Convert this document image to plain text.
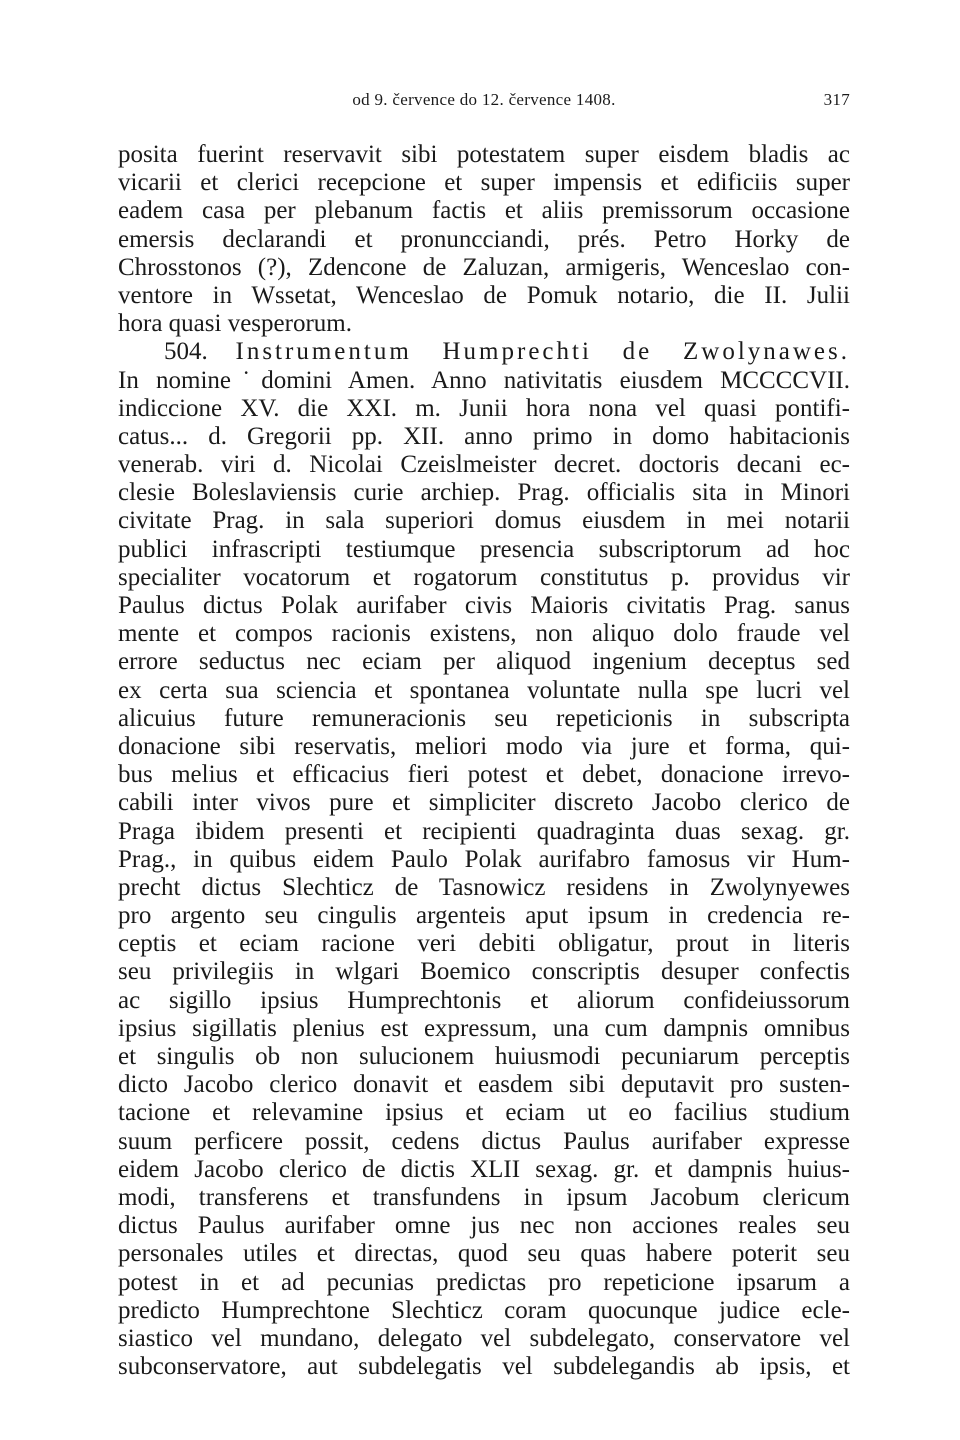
od 9. července do 12. července 1408.	317
posita fuerint reservavit sibi potestatem super eisdem bladis ac
vicarii et clerici recepcione et super impensis et edificiis super
eadem casa per plebanum factis et aliis premissorum occasione
emersis declarandi et pronuncciandi, prés. Petro Horky de
Chrosstonos (?), Zdencone de Zaluzan, armigeris, Wenceslao con-
ventore in Wssetat, Wenceslao de Pomuk notario, die II. Julii
hora quasi vesperorum.
504. Instrumentum Humprechti de Zwolynawes.
In nomine˙domini Amen. Anno nativitatis eiusdem MCCCCVII.
indiccione XV. die XXI. m. Junii hora nona vel quasi pontifi-
catus... d. Gregorii pp. XII. anno primo in domo habitacionis
venerab. viri d. Nicolai Czeislmeister decret. doctoris decani ec-
clesie Boleslaviensis curie archiep. Prag. officialis sita in Minori
civitate Prag. in sala superiori domus eiusdem in mei notarii
publici infrascripti testiumque presencia subscriptorum ad hoc
specialiter vocatorum et rogatorum constitutus p. providus vir
Paulus dictus Polak aurifaber civis Maioris civitatis Prag. sanus
mente et compos racionis existens, non aliquo dolo fraude vel
errore seductus nec eciam per aliquod ingenium deceptus sed
ex certa sua sciencia et spontanea voluntate nulla spe lucri vel
alicuius future remuneracionis seu repeticionis in subscripta
donacione sibi reservatis, meliori modo via jure et forma, qui-
bus melius et efficacius fieri potest et debet, donacione irrevo-
cabili inter vivos pure et simpliciter discreto Jacobo clerico de
Praga ibidem presenti et recipienti quadraginta duas sexag. gr.
Prag., in quibus eidem Paulo Polak aurifabro famosus vir Hum-
precht dictus Slechticz de Tasnowicz residens in Zwolynyewes
pro argento seu cingulis argenteis aput ipsum in credencia re-
ceptis et eciam racione veri debiti obligatur, prout in literis
seu privilegiis in wlgari Boemico conscriptis desuper confectis
ac sigillo ipsius Humprechtonis et aliorum confideiussorum
ipsius sigillatis plenius est expressum, una cum dampnis omnibus
et singulis ob non sulucionem huiusmodi pecuniarum perceptis
dicto Jacobo clerico donavit et easdem sibi deputavit pro susten-
tacione et relevamine ipsius et eciam ut eo facilius studium
suum perficere possit, cedens dictus Paulus aurifaber expresse
eidem Jacobo clerico de dictis XLII sexag. gr. et dampnis huius-
modi, transferens et transfundens in ipsum Jacobum clericum
dictus Paulus aurifaber omne jus nec non acciones reales seu
personales utiles et directas, quod seu quas habere poterit seu
potest in et ad pecunias predictas pro repeticione ipsarum a
predicto Humprechtone Slechticz coram quocunque judice ecle-
siastico vel mundano, delegato vel subdelegato, conservatore vel
subconservatore, aut subdelegatis vel subdelegandis ab ipsis, et
